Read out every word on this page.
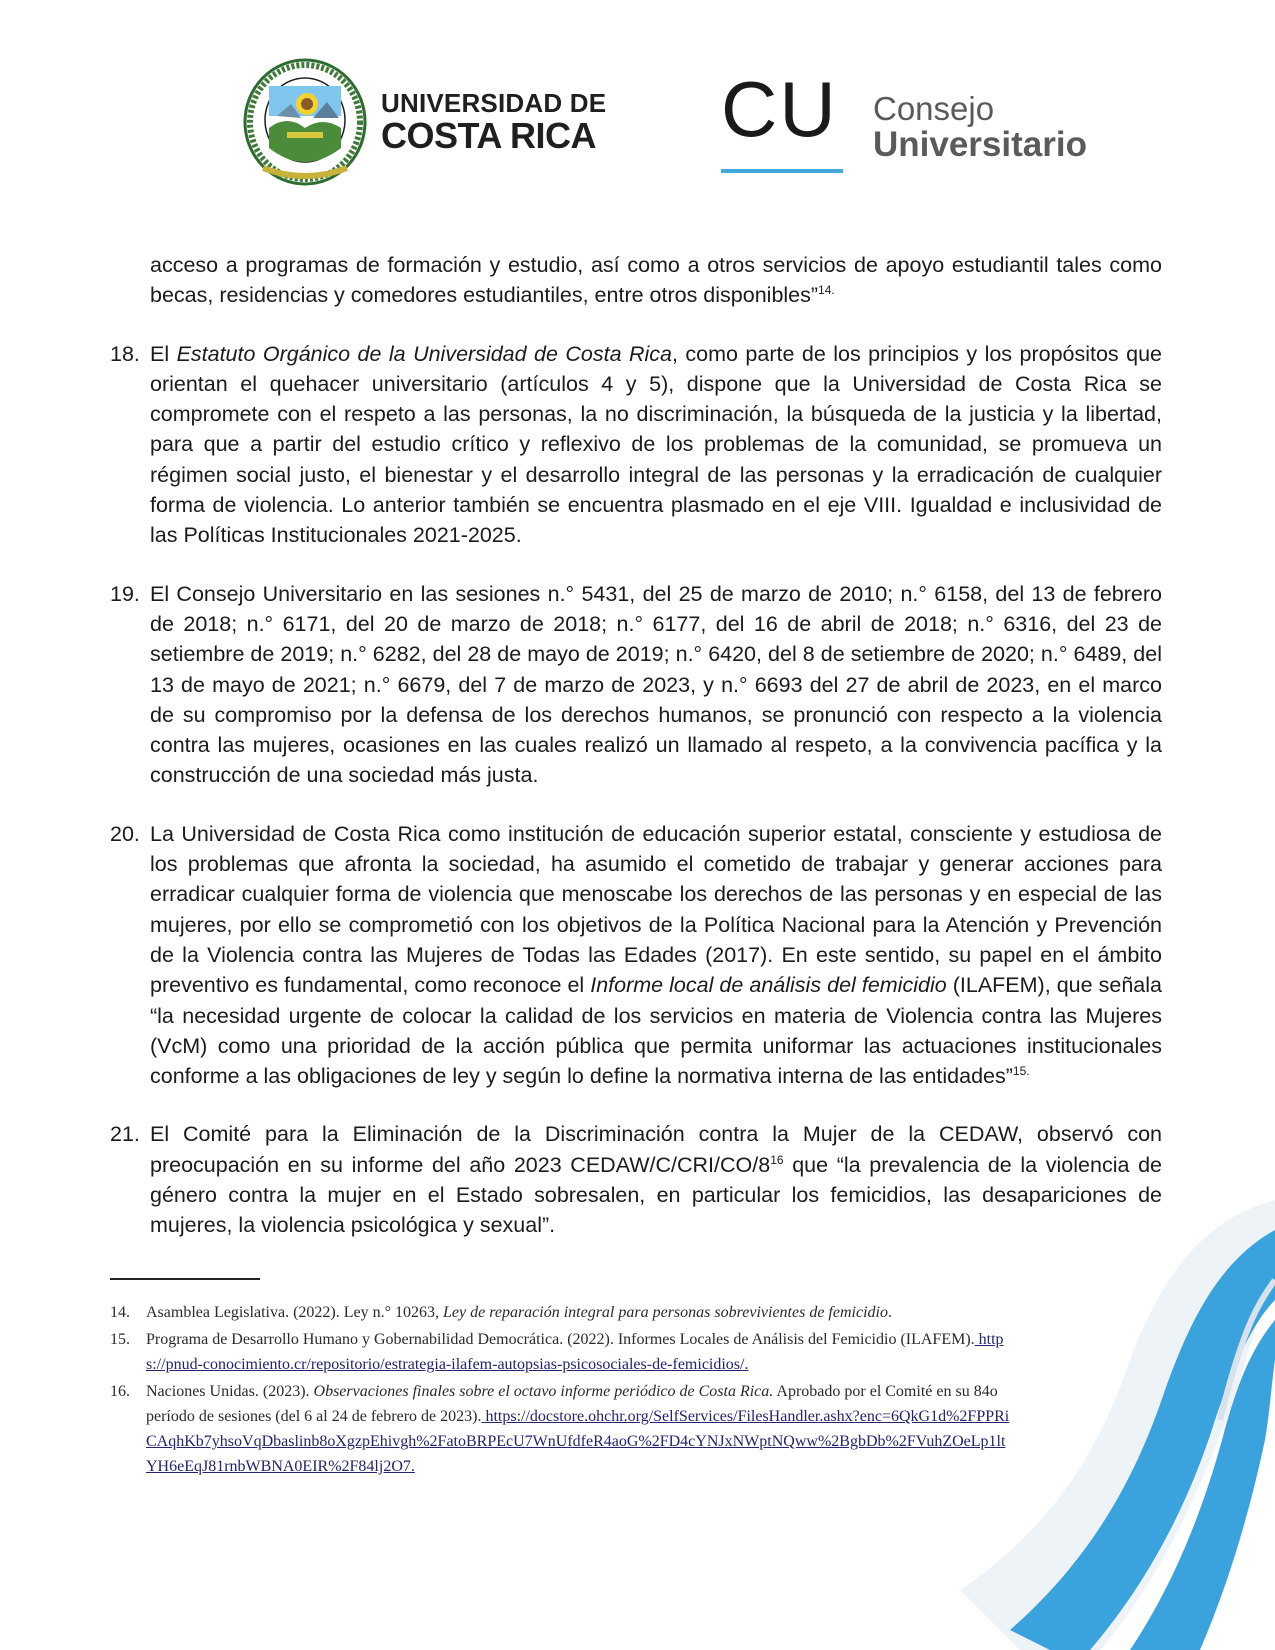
UNIVERSIDAD DE
COSTA RICA CU Consejo
Universitario

acceso a programas de formación y estudio, así como a otros servicios de apoyo estudiantil tales como becas, residencias y comedores estudiantiles, entre otros disponibles”$^{14.}$

18. El Estatuto Orgánico de la Universidad de Costa Rica, como parte de los principios y los propósitos que orientan el quehacer universitario (artículos 4 y 5), dispone que la Universidad de Costa Rica se compromete con el respeto a las personas, la no discriminación, la búsqueda de la justicia y la libertad, para que a partir del estudio crítico y reflexivo de los problemas de la comunidad, se promueva un régimen social justo, el bienestar y el desarrollo integral de las personas y la erradicación de cualquier forma de violencia. Lo anterior también se encuentra plasmado en el eje VIII. Igualdad e inclusividad de las Políticas Institucionales 2021-2025.
19. El Consejo Universitario en las sesiones n.° 5431, del 25 de marzo de 2010; n.° 6158, del 13 de febrero de 2018; n.° 6171, del 20 de marzo de 2018; n.° 6177, del 16 de abril de 2018; n.° 6316, del 23 de setiembre de 2019; n.° 6282, del 28 de mayo de 2019; n.° 6420, del 8 de setiembre de 2020; n.° 6489, del 13 de mayo de 2021; n.° 6679, del 7 de marzo de 2023, y n.° 6693 del 27 de abril de 2023, en el marco de su compromiso por la defensa de los derechos humanos, se pronunció con respecto a la violencia contra las mujeres, ocasiones en las cuales realizó un llamado al respeto, a la convivencia pacífica y la construcción de una sociedad más justa.
20. La Universidad de Costa Rica como institución de educación superior estatal, consciente y estudiosa de los problemas que afronta la sociedad, ha asumido el cometido de trabajar y generar acciones para erradicar cualquier forma de violencia que menoscabe los derechos de las personas y en especial de las mujeres, por ello se comprometió con los objetivos de la Política Nacional para la Atención y Prevención de la Violencia contra las Mujeres de Todas las Edades (2017). En este sentido, su papel en el ámbito preventivo es fundamental, como reconoce el Informe local de análisis del femicidio (ILAFEM), que señala “la necesidad urgente de colocar la calidad de los servicios en materia de Violencia contra las Mujeres (VcM) como una prioridad de la acción pública que permita uniformar las actuaciones institucionales conforme a las obligaciones de ley y según lo define la normativa interna de las entidades”$^{15.}$
21. El Comité para la Eliminación de la Discriminación contra la Mujer de la CEDAW, observó con preocupación en su informe del año 2023 CEDAW/$C/CRI/CO/8^{16}$ que “la prevalencia de la violencia de género contra la mujer en el Estado sobresalen, en particular los femicidios, las desapariciones de mujeres, la violencia psicológica y sexual”.
14.	Asamblea Legislativa. (2022). Ley n.° 10263, Ley de reparación integral para personas sobrevivientes de femicidio.
15.	Programa de Desarrollo Humano y Gobernabilidad Democrática. (2022). Informes Locales de Análisis del Femicidio (ILAFEM). https://pnud-conocimiento.cr/repositorio/estrategia-ilafem-autopsias-psicosociales-de-femicidios/.
16.	Naciones Unidas. (2023). Observaciones finales sobre el octavo informe periódico de Costa Rica. Aprobado por el Comité en su 84o período de sesiones (del 6 al 24 de febrero de 2023). https://docstore.ohchr.org/SelfServices/FilesHandler.ashx?enc=6QkG1d%2FPPRiCAqhKb7yhsoVqDbaslinb8oXgzpEhivgh%2FatoBRPEcU7WnUfdfeR4aoG%2FD4cYNJxNWptNQww%2BgbDb%2FVuhZOeLp1ltYH6eEqJ81rnbWBNA0EIR%2F84lj2O7.
